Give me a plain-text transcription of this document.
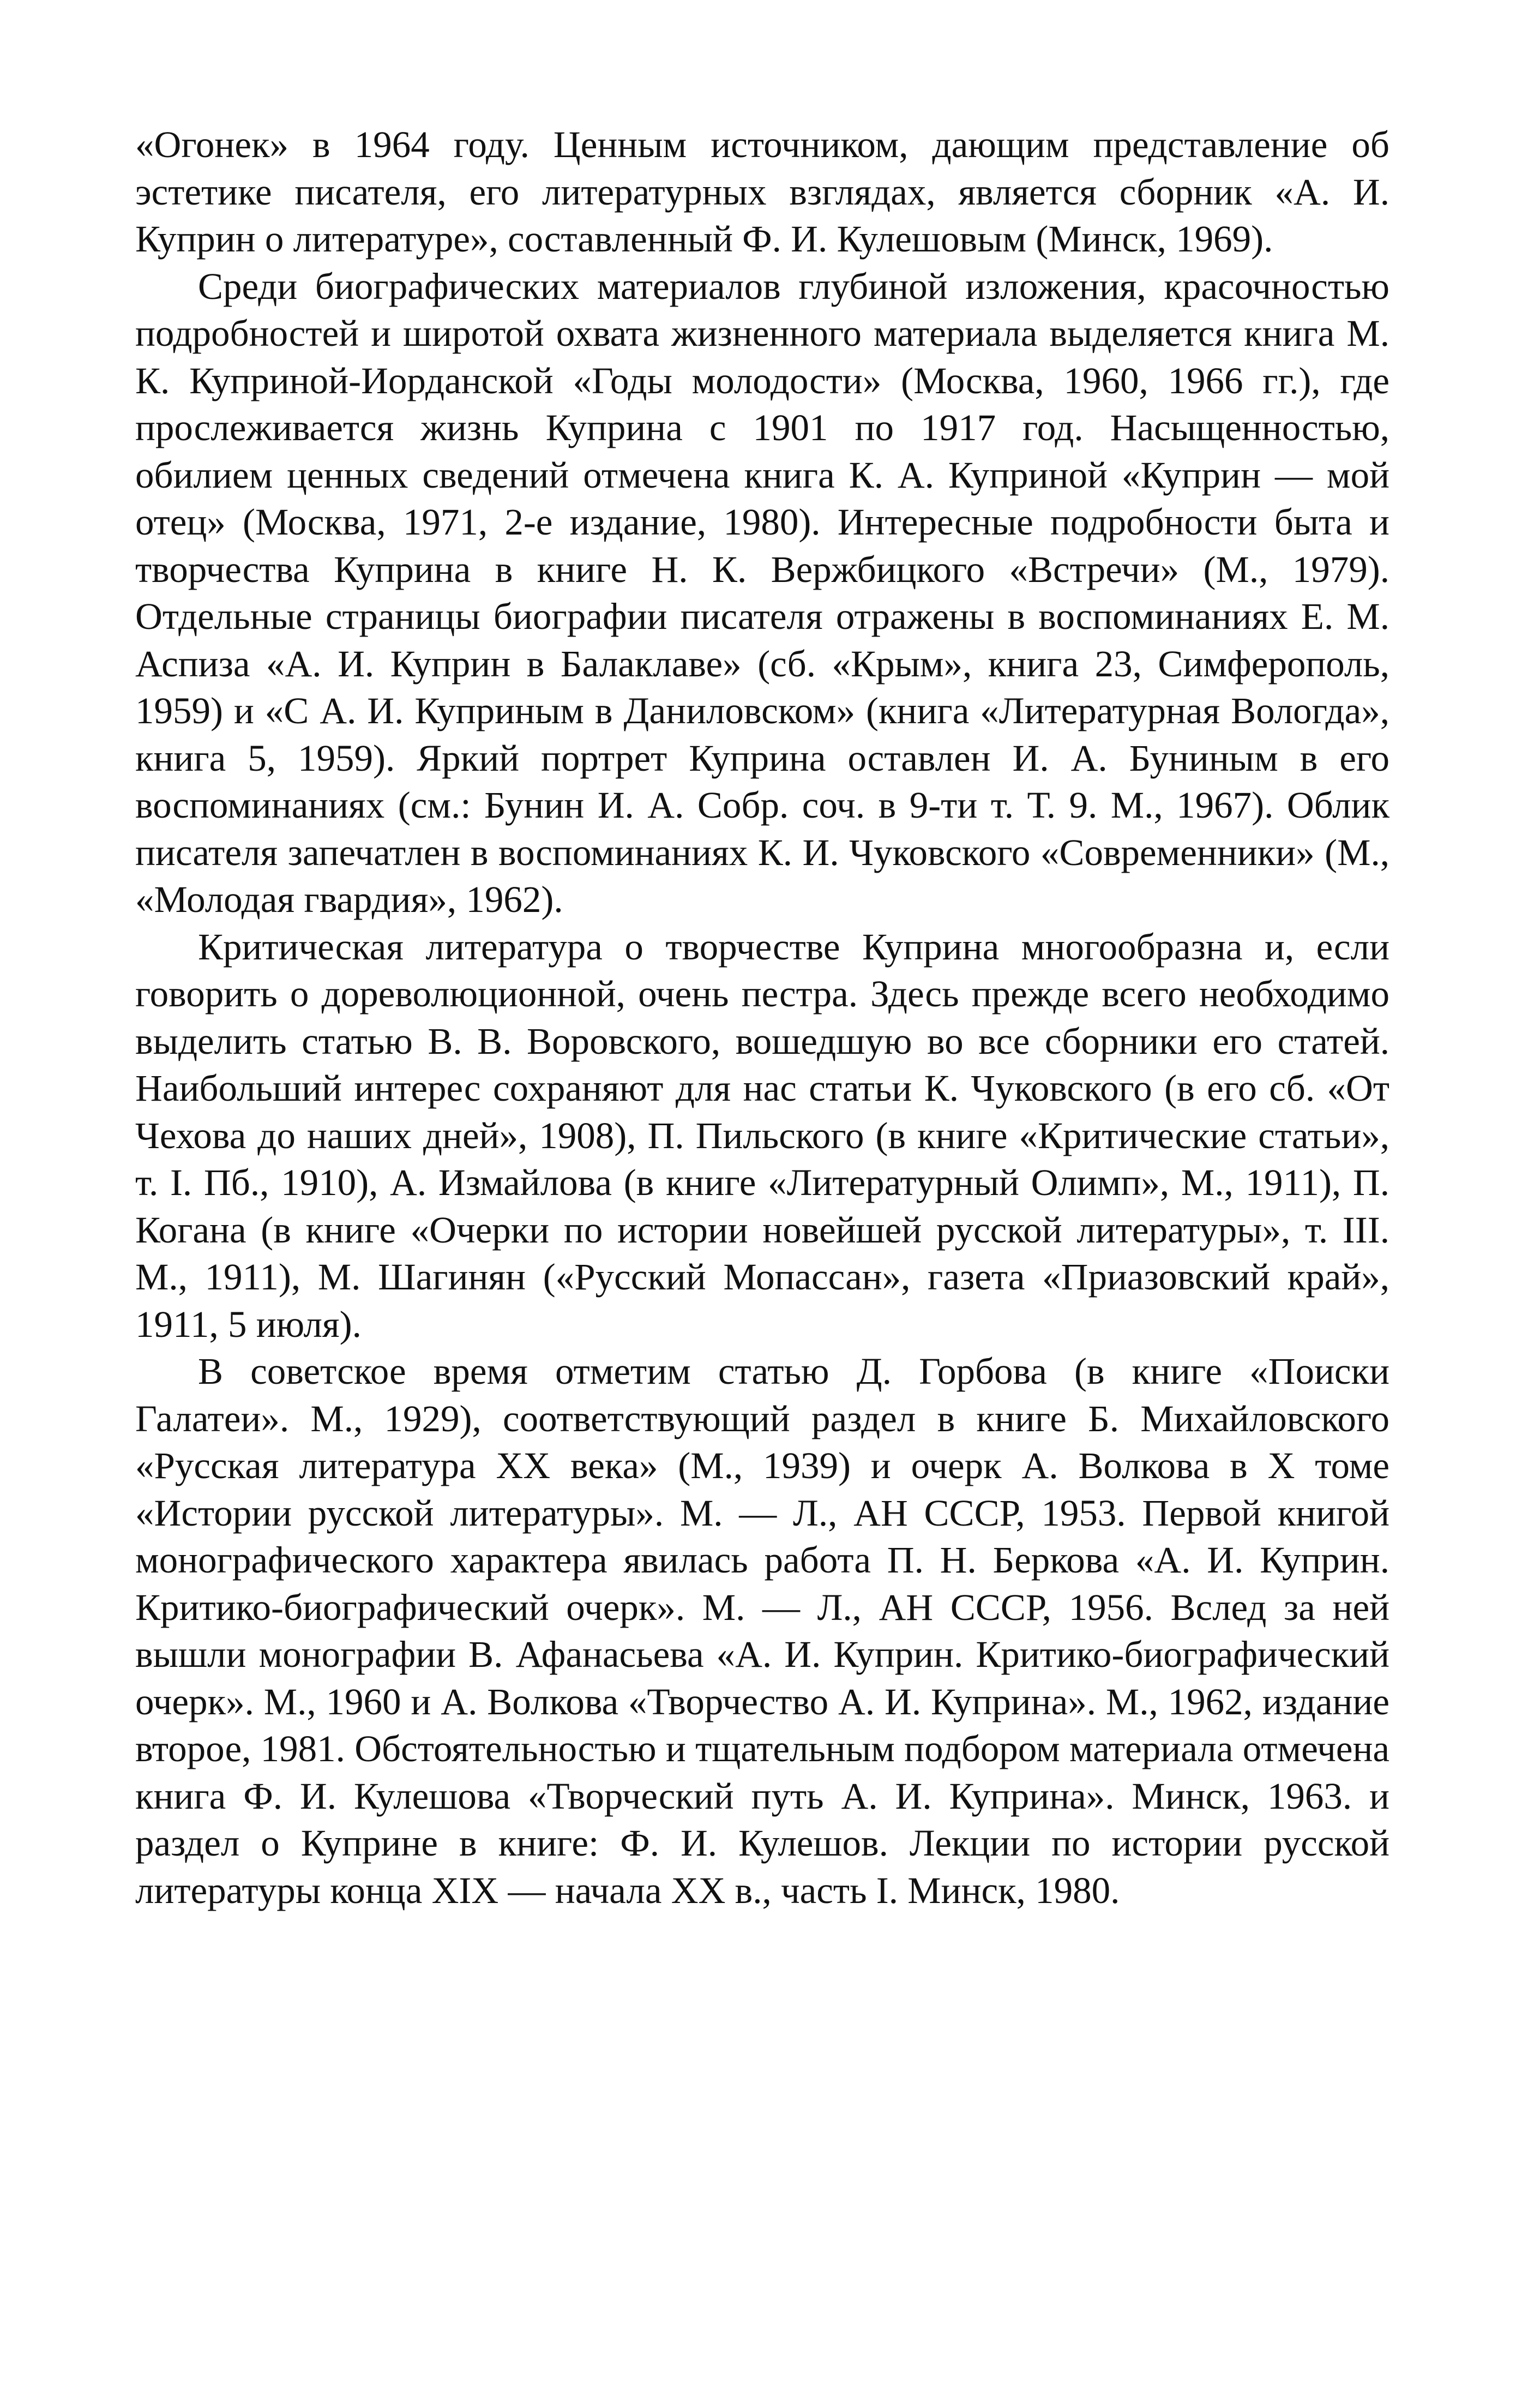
«Огонек» в 1964 году. Ценным источником, дающим представление об эстетике писателя, его литературных взглядах, является сборник «А. И. Куприн о литературе», составленный Ф. И. Кулешовым (Минск, 1969).

Среди биографических материалов глубиной изложения, красочностью подробностей и широтой охвата жизненного материала выделяется книга М. К. Куприной-Иорданской «Годы молодости» (Москва, 1960, 1966 гг.), где прослеживается жизнь Куприна с 1901 по 1917 год. Насыщенностью, обилием ценных сведений отмечена книга К. А. Куприной «Куприн — мой отец» (Москва, 1971, 2-е издание, 1980). Интересные подробности быта и творчества Куприна в книге Н. К. Вержбицкого «Встречи» (М., 1979). Отдельные страницы биографии писателя отражены в воспоминаниях Е. М. Аспиза «А. И. Куприн в Балаклаве» (сб. «Крым», книга 23, Симферополь, 1959) и «С А. И. Куприным в Даниловском» (книга «Литературная Вологда», книга 5, 1959). Яркий портрет Куприна оставлен И. А. Буниным в его воспоминаниях (см.: Бунин И. А. Собр. соч. в 9-ти т. Т. 9. М., 1967). Облик писателя запечатлен в воспоминаниях К. И. Чуковского «Современники» (М., «Молодая гвардия», 1962).

Критическая литература о творчестве Куприна многообразна и, если говорить о дореволюционной, очень пестра. Здесь прежде всего необходимо выделить статью В. В. Воровского, вошедшую во все сборники его статей. Наибольший интерес сохраняют для нас статьи К. Чуковского (в его сб. «От Чехова до наших дней», 1908), П. Пильского (в книге «Критические статьи», т. I. Пб., 1910), А. Измайлова (в книге «Литературный Олимп», М., 1911), П. Когана (в книге «Очерки по истории новейшей русской литературы», т. III. М., 1911), М. Шагинян («Русский Мопассан», газета «Приазовский край», 1911, 5 июля).

В советское время отметим статью Д. Горбова (в книге «Поиски Галатеи». М., 1929), соответствующий раздел в книге Б. Михайловского «Русская литература XX века» (М., 1939) и очерк А. Волкова в X томе «Истории русской литературы». М. — Л., АН СССР, 1953. Первой книгой монографического характера явилась работа П. Н. Беркова «А. И. Куприн. Критико-биографический очерк». М. — Л., АН СССР, 1956. Вслед за ней вышли монографии В. Афанасьева «А. И. Куприн. Критико-биографический очерк». М., 1960 и А. Волкова «Творчество А. И. Куприна». М., 1962, издание второе, 1981. Обстоятельностью и тщательным подбором материала отмечена книга Ф. И. Кулешова «Творческий путь А. И. Куприна». Минск, 1963. и раздел о Куприне в книге: Ф. И. Кулешов. Лекции по истории русской литературы конца XIX — начала XX в., часть I. Минск, 1980.
